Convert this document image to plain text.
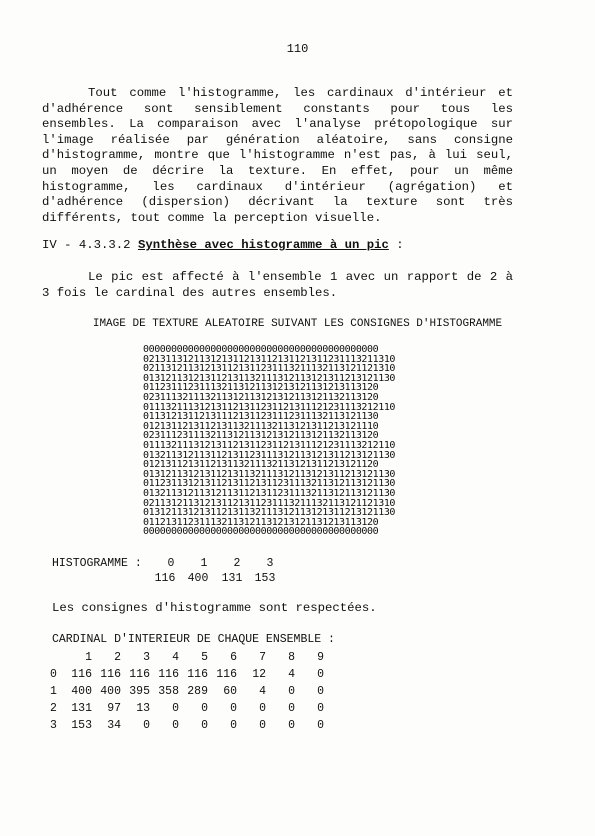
110

Tout comme l'histogramme, les cardinaux d'intérieur et d'adhérence sont sensiblement constants pour tous les ensembles. La comparaison avec l'analyse prétopologique sur l'image réalisée par génération aléatoire, sans consigne d'histogramme, montre que l'histogramme n'est pas, à lui seul, un moyen de décrire la texture. En effet, pour un même histogramme, les cardinaux d'intérieur (agrégation) et d'adhérence (dispersion) décrivant la texture sont très différents, tout comme la perception visuelle.

IV - 4.3.3.2 Synthèse avec histogramme à un pic :

Le pic est affecté à l'ensemble 1 avec un rapport de 2 à 3 fois le cardinal des autres ensembles.

IMAGE DE TEXTURE ALEATOIRE SUIVANT LES CONSIGNES D'HISTOGRAMME

000000000000000000000000000000000000000000
021311312113121311213112131121311231113211310
021131211312131121311231113211132113121121310
013121131213112131132111312113121311213121130
011231112311132113121131213121131213113120
023111321113211312113121312113121132113120
011132111312131121311231121311121231113212110
011312131121311121311231112311132113121130
012131121311213113211132113121311213121110
023111231113211312113121312113121132113120
011132111312131121311231121311121231113212110
013211312113112131123111312113121311213121130
012131121311213113211132113121311213121120
013121131213112131132111312113121311213121130
011231131213112131121311231113211312113121130
013211312113121131121311231113211312113121130
021131211312131121311231113211132113121121310
013121131213112131132111312113121311213121130
011213112311132113121131213121131213113120
000000000000000000000000000000000000000000
HISTOGRAMME :	0	1	2	3
116	400	131	153

Les consignes d'histogramme sont respectées.

CARDINAL D'INTERIEUR DE CHAQUE ENSEMBLE :

	1	2	3	4	5	6	7	8	9
0	116	116	116	116	116	116	12	4	0
1	400	400	395	358	289	60	4	0	0
2	131	97	13	0	0	0	0	0	0
3	153	34	0	0	0	0	0	0	0
